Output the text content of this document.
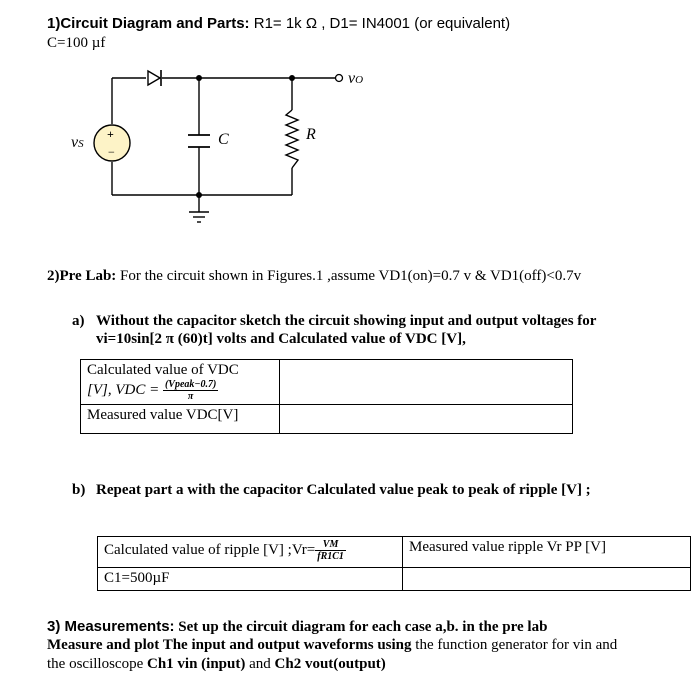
1)Circuit Diagram and Parts: R1= 1k Ω , D1= IN4001 (or equivalent)
C=100 µf
vS
+
−
C	R
vO
2)Pre Lab: For the circuit shown in Figures.1 ,assume VD1(on)=0.7 v & VD1(off)<0.7v
a) Without the capacitor sketch the circuit showing input and output voltages for
vi=10sin[2 π (60)t] volts and Calculated value of VDC [V],
Calculated value of VDC
[V], VDC = $\frac{\text{(Vpeak−0.7)}}{\pi}$

Measured value VDC[V]	
b) Repeat part a with the capacitor Calculated value peak to peak of ripple [V] ;
Calculated value of ripple [V] ;Vr= $\frac{VM}{fR1C1}$	Measured value ripple Vr PP [V]
C1=500µF	
3) Measurements: Set up the circuit diagram for each case a,b. in the pre lab
Measure and plot The input and output waveforms using the function generator for vin and
the oscilloscope Ch1 vin (input) and Ch2 vout(output)
